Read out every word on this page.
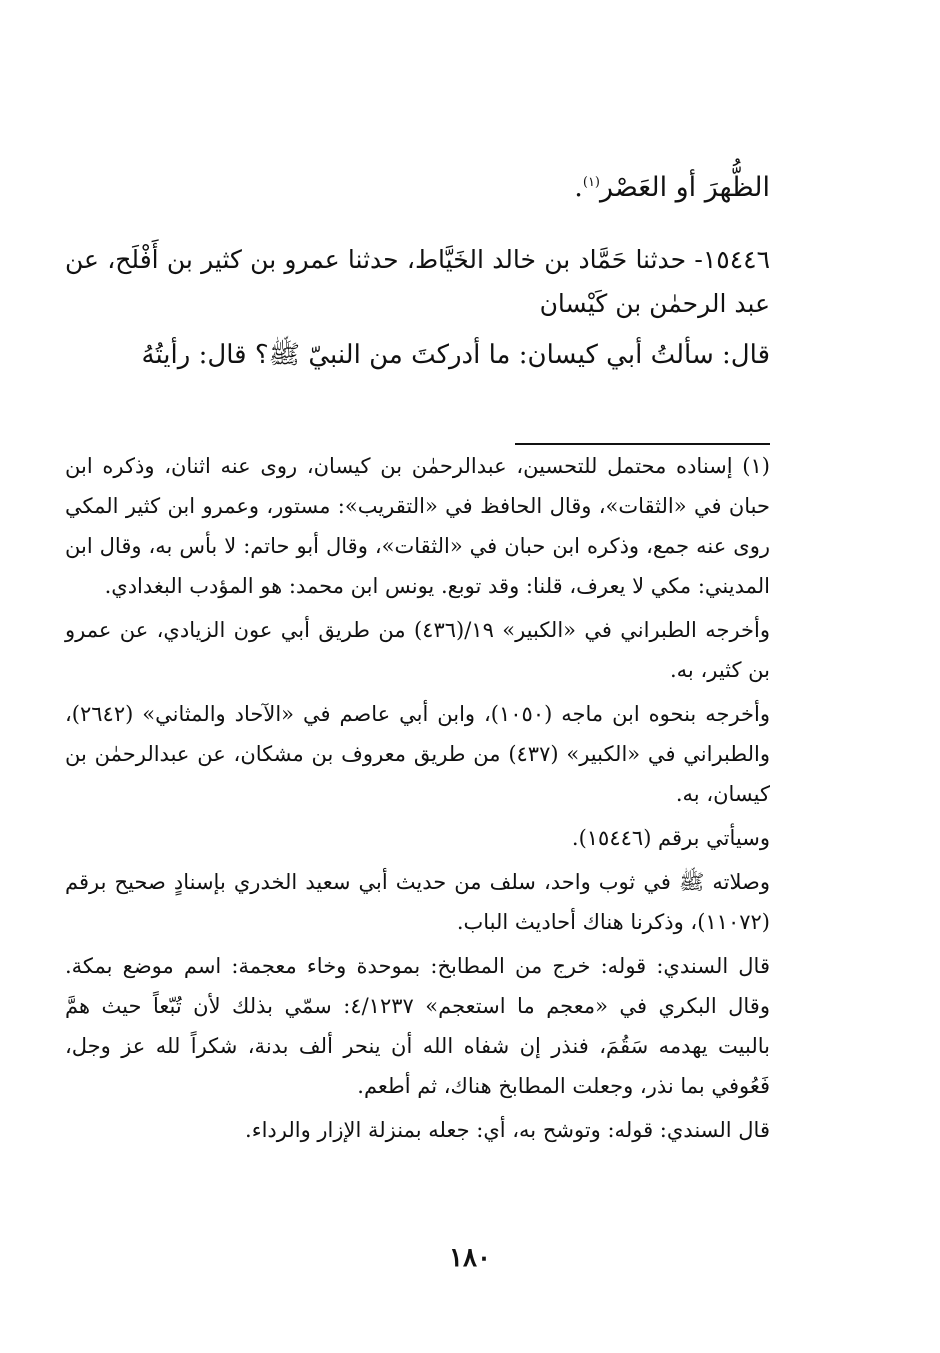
الظُّهرَ أو العَصْر$^{(١)}$.

١٥٤٤٦- حدثنا حَمَّاد بن خالد الخَيَّاط، حدثنا عمرو بن كثير بن أَفْلَح، عن عبد الرحمٰن بن كَيْسان

قال: سألتُ أبي كيسان: ما أدركتَ من النبيّ ﷺ؟ قال: رأيتُهُ

(١) إسناده محتمل للتحسين، عبدالرحمٰن بن كيسان، روى عنه اثنان، وذكره ابن حبان في «الثقات»، وقال الحافظ في «التقريب»: مستور، وعمرو ابن كثير المكي روى عنه جمع، وذكره ابن حبان في «الثقات»، وقال أبو حاتم: لا بأس به، وقال ابن المديني: مكي لا يعرف، قلنا: وقد توبع. يونس ابن محمد: هو المؤدب البغدادي.

وأخرجه الطبراني في «الكبير» ١٩/(٤٣٦) من طريق أبي عون الزيادي، عن عمرو بن كثير، به.

وأخرجه بنحوه ابن ماجه (١٠٥٠)، وابن أبي عاصم في «الآحاد والمثاني» (٢٦٤٢)، والطبراني في «الكبير» (٤٣٧) من طريق معروف بن مشكان، عن عبدالرحمٰن بن كيسان، به.

وسيأتي برقم (١٥٤٤٦).

وصلاته ﷺ في ثوب واحد، سلف من حديث أبي سعيد الخدري بإسنادٍ صحيح برقم (١١٠٧٢)، وذكرنا هناك أحاديث الباب.

قال السندي: قوله: خرج من المطابخ: بموحدة وخاء معجمة: اسم موضع بمكة. وقال البكري في «معجم ما استعجم» ٤/١٢٣٧: سمّي بذلك لأن تُبّعاً حيث همَّ بالبيت يهدمه سَقُمَ، فنذر إن شفاه الله أن ينحر ألف بدنة، شكراً لله عز وجل، فَعُوفي بما نذر، وجعلت المطابخ هناك، ثم أطعم.

قال السندي: قوله: وتوشح به، أي: جعله بمنزلة الإزار والرداء.

١٨٠
